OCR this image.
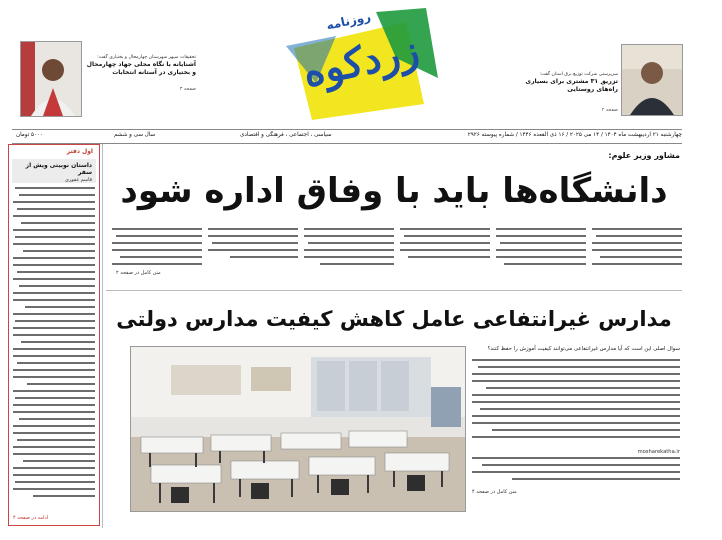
سرپرستی شرکت توزیع برق استان گفت:
تزریق ۳۱ مشتری برای بسیاری راه‌های روستایی
صفحه ۲
زردکوه
روزنامه
تحقیقات سپهر شهرستان چهارمحال و بختیاری گفت:
آشنایانه با نگاه محلی جهاد چهارمحال و بختیاری در آستانه انتخابات
صفحه ۳
چهارشنبه ۲۱ اردیبهشت ماه ۱۴۰۴ / ۱۴ می ۲۰۲۵ / ۱۶ ذی القعده ۱۴۴۶ / شماره پیوسته ۲۹۲۶
سیاسی ، اجتماعی ، فرهنگی و اقتصادی
سال سی و ششم
۵۰۰۰ تومان
اول دفتر
داستان نوبیتی ویش از سفر
قاسم غفوری
ادامه در صفحه ۴
مشاور وزیر علوم:
دانشگاه‌ها باید با وفاق اداره شود
متن کامل در صفحه ۲
مدارس غیرانتفاعی عامل کاهش کیفیت مدارس دولتی
سوال اصلی این است که آیا مدارس غیرانتفاعی می‌توانند کیفیت آموزش را حفظ کنند؟
mosharekatha.ir
متن کامل در صفحه ۴
